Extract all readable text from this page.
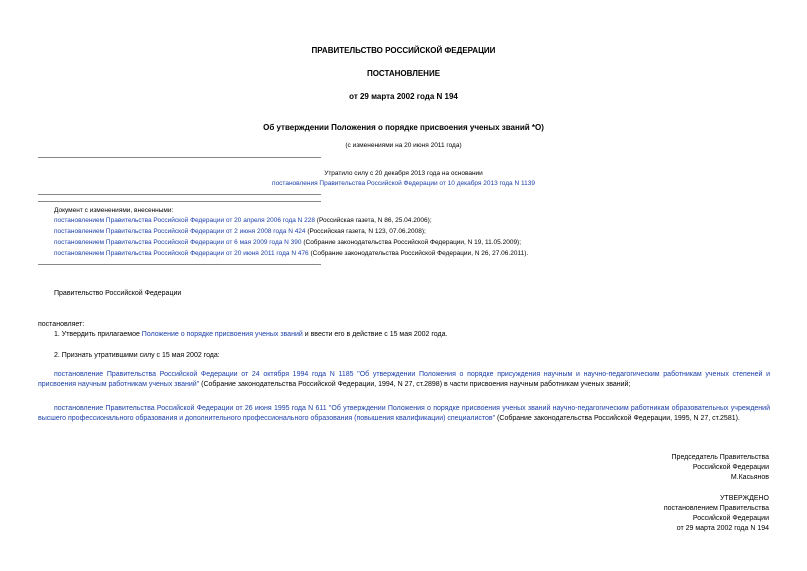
ПРАВИТЕЛЬСТВО РОССИЙСКОЙ ФЕДЕРАЦИИ
ПОСТАНОВЛЕНИЕ
от 29 марта 2002 года N 194
Об утверждении Положения о порядке присвоения ученых званий *О)
(с изменениями на 20 июня 2011 года)
Утратило силу с 20 декабря 2013 года на основании
постановления Правительства Российской Федерации от 10 декабря 2013 года N 1139
Документ с изменениями, внесенными:
постановлением Правительства Российской Федерации от 20 апреля 2006 года N 228 (Российская газета, N 86, 25.04.2006);
постановлением Правительства Российской Федерации от 2 июня 2008 года N 424 (Российская газета, N 123, 07.06.2008);
постановлением Правительства Российской Федерации от 6 мая 2009 года N 390 (Собрание законодательства Российской Федерации, N 19, 11.05.2009);
постановлением Правительства Российской Федерации от 20 июня 2011 года N 476 (Собрание законодательства Российской Федерации, N 26, 27.06.2011).
Правительство Российской Федерации
постановляет:
1. Утвердить прилагаемое Положение о порядке присвоения ученых званий и ввести его в действие с 15 мая 2002 года.
2. Признать утратившими силу с 15 мая 2002 года:
постановление Правительства Российской Федерации от 24 октября 1994 года N 1185 "Об утверждении Положения о порядке присуждения научным и научно-педагогическим работникам ученых степеней и присвоения научным работникам ученых званий" (Собрание законодательства Российской Федерации, 1994, N 27, ст.2898) в части присвоения научным работникам ученых званий;
постановление Правительства Российской Федерации от 26 июня 1995 года N 611 "Об утверждении Положения о порядке присвоения ученых званий научно-педагогическим работникам образовательных учреждений высшего профессионального образования и дополнительного профессионального образования (повышения квалификации) специалистов" (Собрание законодательства Российской Федерации, 1995, N 27, ст.2581).
Председатель Правительства
Российской Федерации
М.Касьянов
УТВЕРЖДЕНО
постановлением Правительства
Российской Федерации
от 29 марта 2002 года N 194
